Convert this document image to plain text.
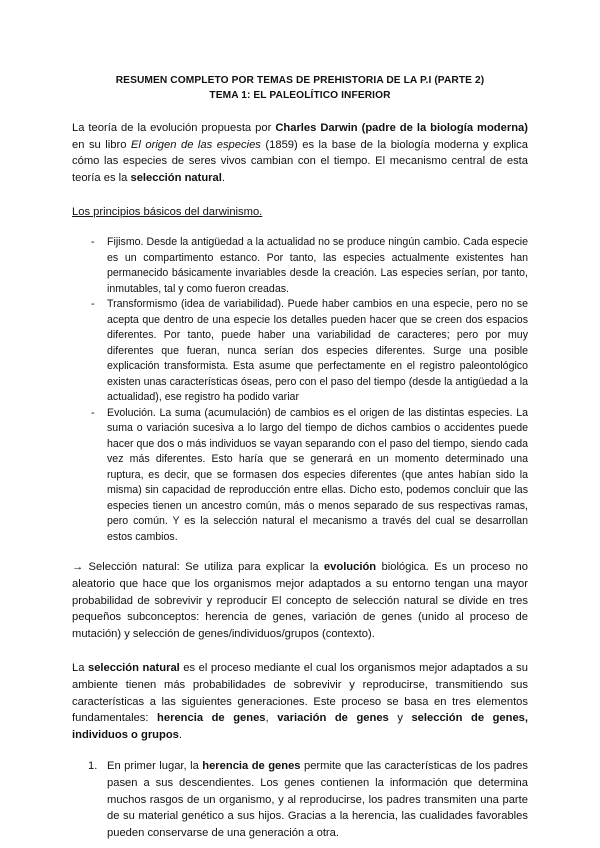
RESUMEN COMPLETO POR TEMAS DE PREHISTORIA DE LA P.I (PARTE 2)
TEMA 1: EL PALEOLÍTICO INFERIOR

La teoría de la evolución propuesta por Charles Darwin (padre de la biología moderna) en su libro El origen de las especies (1859) es la base de la biología moderna y explica cómo las especies de seres vivos cambian con el tiempo. El mecanismo central de esta teoría es la selección natural.

Los principios básicos del darwinismo.
- Fijismo. Desde la antigüedad a la actualidad no se produce ningún cambio. Cada especie es un compartimento estanco. Por tanto, las especies actualmente existentes han permanecido básicamente invariables desde la creación. Las especies serían, por tanto, inmutables, tal y como fueron creadas.
- Transformismo (idea de variabilidad). Puede haber cambios en una especie, pero no se acepta que dentro de una especie los detalles pueden hacer que se creen dos espacios diferentes. Por tanto, puede haber una variabilidad de caracteres; pero por muy diferentes que fueran, nunca serían dos especies diferentes. Surge una posible explicación transformista. Esta asume que perfectamente en el registro paleontológico existen unas características óseas, pero con el paso del tiempo (desde la antigüedad a la actualidad), ese registro ha podido variar
- Evolución. La suma (acumulación) de cambios es el origen de las distintas especies. La suma o variación sucesiva a lo largo del tiempo de dichos cambios o accidentes puede hacer que dos o más individuos se vayan separando con el paso del tiempo, siendo cada vez más diferentes. Esto haría que se generará en un momento determinado una ruptura, es decir, que se formasen dos especies diferentes (que antes habían sido la misma) sin capacidad de reproducción entre ellas. Dicho esto, podemos concluir que las especies tienen un ancestro común, más o menos separado de sus respectivas ramas, pero común. Y es la selección natural el mecanismo a través del cual se desarrollan estos cambios.

→ Selección natural: Se utiliza para explicar la evolución biológica. Es un proceso no aleatorio que hace que los organismos mejor adaptados a su entorno tengan una mayor probabilidad de sobrevivir y reproducir El concepto de selección natural se divide en tres pequeños subconceptos: herencia de genes, variación de genes (unido al proceso de mutación) y selección de genes/individuos/grupos (contexto).

La selección natural es el proceso mediante el cual los organismos mejor adaptados a su ambiente tienen más probabilidades de sobrevivir y reproducirse, transmitiendo sus características a las siguientes generaciones. Este proceso se basa en tres elementos fundamentales: herencia de genes, variación de genes y selección de genes, individuos o grupos.

1. En primer lugar, la herencia de genes permite que las características de los padres pasen a sus descendientes. Los genes contienen la información que determina muchos rasgos de un organismo, y al reproducirse, los padres transmiten una parte de su material genético a sus hijos. Gracias a la herencia, las cualidades favorables pueden conservarse de una generación a otra.
